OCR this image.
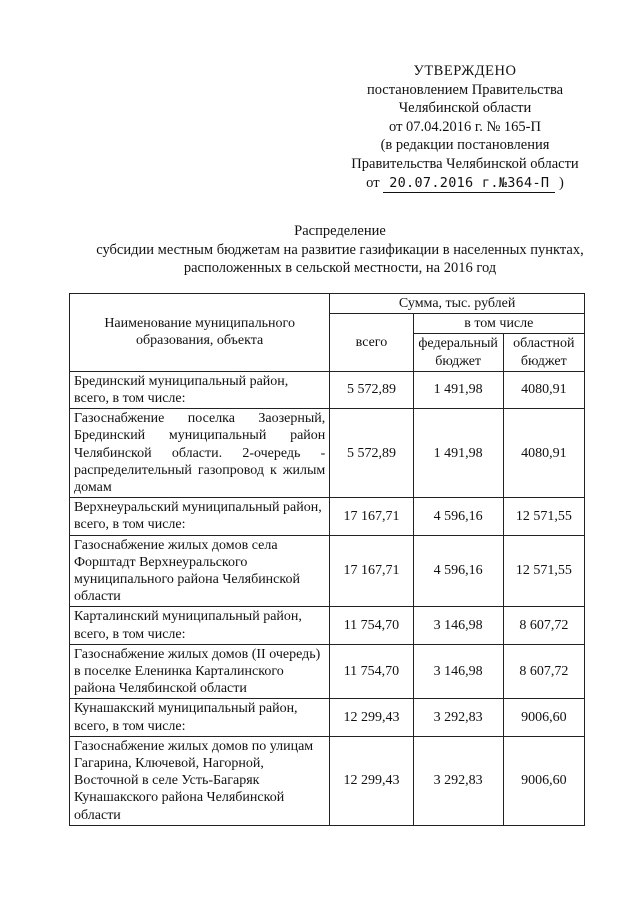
УТВЕРЖДЕНО
постановлением Правительства
Челябинской области
от 07.04.2016 г. № 165-П
(в редакции постановления
Правительства Челябинской области
от 20.07.2016 г.№364-П )
Распределение
субсидии местным бюджетам на развитие газификации в населенных пунктах,
расположенных в сельской местности, на 2016 год
Наименование муниципального образования, объекта	Сумма, тыс. рублей		
	всего	в том числе	
		федеральный бюджет	областной бюджет
Брединский муниципальный район, всего, в том числе:	5 572,89	1 491,98	4080,91
Газоснабжение поселка Заозерный, Брединский муниципальный район Челябинской области. 2-очередь - распределительный газопровод к жилым домам	5 572,89	1 491,98	4080,91
Верхнеуральский муниципальный район, всего, в том числе:	17 167,71	4 596,16	12 571,55
Газоснабжение жилых домов села Форштадт Верхнеуральского муниципального района Челябинской области	17 167,71	4 596,16	12 571,55
Карталинский муниципальный район, всего, в том числе:	11 754,70	3 146,98	8 607,72
Газоснабжение жилых домов (II очередь) в поселке Еленинка Карталинского района Челябинской области	11 754,70	3 146,98	8 607,72
Кунашакский муниципальный район, всего, в том числе:	12 299,43	3 292,83	9006,60
Газоснабжение жилых домов по улицам Гагарина, Ключевой, Нагорной, Восточной в селе Усть-Багаряк Кунашакского района Челябинской области	12 299,43	3 292,83	9006,60
